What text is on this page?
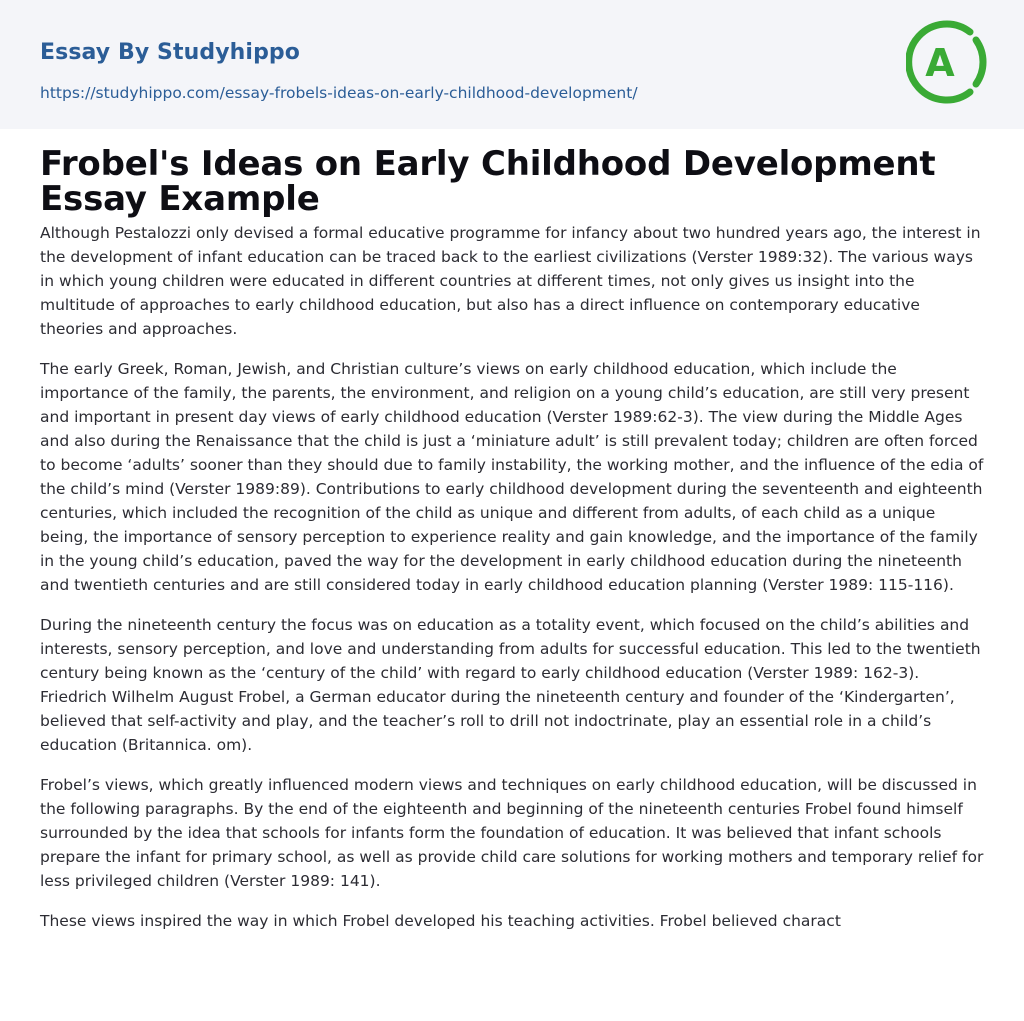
Essay By Studyhippo
https://studyhippo.com/essay-frobels-ideas-on-early-childhood-development/
A
Frobel's Ideas on Early Childhood Development Essay Example

Although Pestalozzi only devised a formal educative programme for infancy about two hundred years ago, the interest in the development of infant education can be traced back to the earliest civilizations (Verster 1989:32). The various ways in which young children were educated in different countries at different times, not only gives us insight into the multitude of approaches to early childhood education, but also has a direct influence on contemporary educative theories and approaches.

The early Greek, Roman, Jewish, and Christian culture’s views on early childhood education, which include the importance of the family, the parents, the environment, and religion on a young child’s education, are still very present and important in present day views of early childhood education (Verster 1989:62-3). The view during the Middle Ages and also during the Renaissance that the child is just a ‘miniature adult’ is still prevalent today; children are often forced to become ‘adults’ sooner than they should due to family instability, the working mother, and the influence of the edia of the child’s mind (Verster 1989:89). Contributions to early childhood development during the seventeenth and eighteenth centuries, which included the recognition of the child as unique and different from adults, of each child as a unique being, the importance of sensory perception to experience reality and gain knowledge, and the importance of the family in the young child’s education, paved the way for the development in early childhood education during the nineteenth and twentieth centuries and are still considered today in early childhood education planning (Verster 1989: 115-116).

During the nineteenth century the focus was on education as a totality event, which focused on the child’s abilities and interests, sensory perception, and love and understanding from adults for successful education. This led to the twentieth century being known as the ‘century of the child’ with regard to early childhood education (Verster 1989: 162-3). Friedrich Wilhelm August Frobel, a German educator during the nineteenth century and founder of the ‘Kindergarten’, believed that self-activity and play, and the teacher’s roll to drill not indoctrinate, play an essential role in a child’s education (Britannica. om).

Frobel’s views, which greatly influenced modern views and techniques on early childhood education, will be discussed in the following paragraphs. By the end of the eighteenth and beginning of the nineteenth centuries Frobel found himself surrounded by the idea that schools for infants form the foundation of education. It was believed that infant schools prepare the infant for primary school, as well as provide child care solutions for working mothers and temporary relief for less privileged children (Verster 1989: 141).

These views inspired the way in which Frobel developed his teaching activities. Frobel believed charact
